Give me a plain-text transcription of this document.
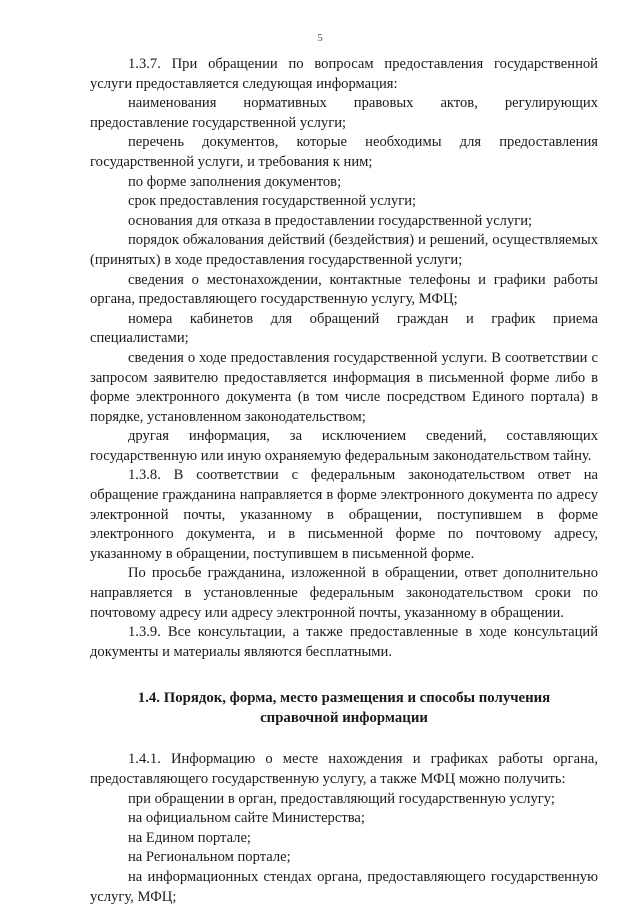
5

1.3.7. При обращении по вопросам предоставления государственной услуги предоставляется следующая информация:

наименования нормативных правовых актов, регулирующих предоставление государственной услуги;

перечень документов, которые необходимы для предоставления государственной услуги, и требования к ним;

по форме заполнения документов;

срок предоставления государственной услуги;

основания для отказа в предоставлении государственной услуги;

порядок обжалования действий (бездействия) и решений, осуществляемых (принятых) в ходе предоставления государственной услуги;

сведения о местонахождении, контактные телефоны и графики работы органа, предоставляющего государственную услугу, МФЦ;

номера кабинетов для обращений граждан и график приема специалистами;

сведения о ходе предоставления государственной услуги. В соответствии с запросом заявителю предоставляется информация в письменной форме либо в форме электронного документа (в том числе посредством Единого портала) в порядке, установленном законодательством;

другая информация, за исключением сведений, составляющих государственную или иную охраняемую федеральным законодательством тайну.

1.3.8. В соответствии с федеральным законодательством ответ на обращение гражданина направляется в форме электронного документа по адресу электронной почты, указанному в обращении, поступившем в форме электронного документа, и в письменной форме по почтовому адресу, указанному в обращении, поступившем в письменной форме.

По просьбе гражданина, изложенной в обращении, ответ дополнительно направляется в установленные федеральным законодательством сроки по почтовому адресу или адресу электронной почты, указанному в обращении.

1.3.9. Все консультации, а также предоставленные в ходе консультаций документы и материалы являются бесплатными.

1.4. Порядок, форма, место размещения и способы получения
справочной информации

1.4.1. Информацию о месте нахождения и графиках работы органа, предоставляющего государственную услугу, а также МФЦ можно получить:

при обращении в орган, предоставляющий государственную услугу;

на официальном сайте Министерства;

на Едином портале;

на Региональном портале;

на информационных стендах органа, предоставляющего государственную услугу, МФЦ;
